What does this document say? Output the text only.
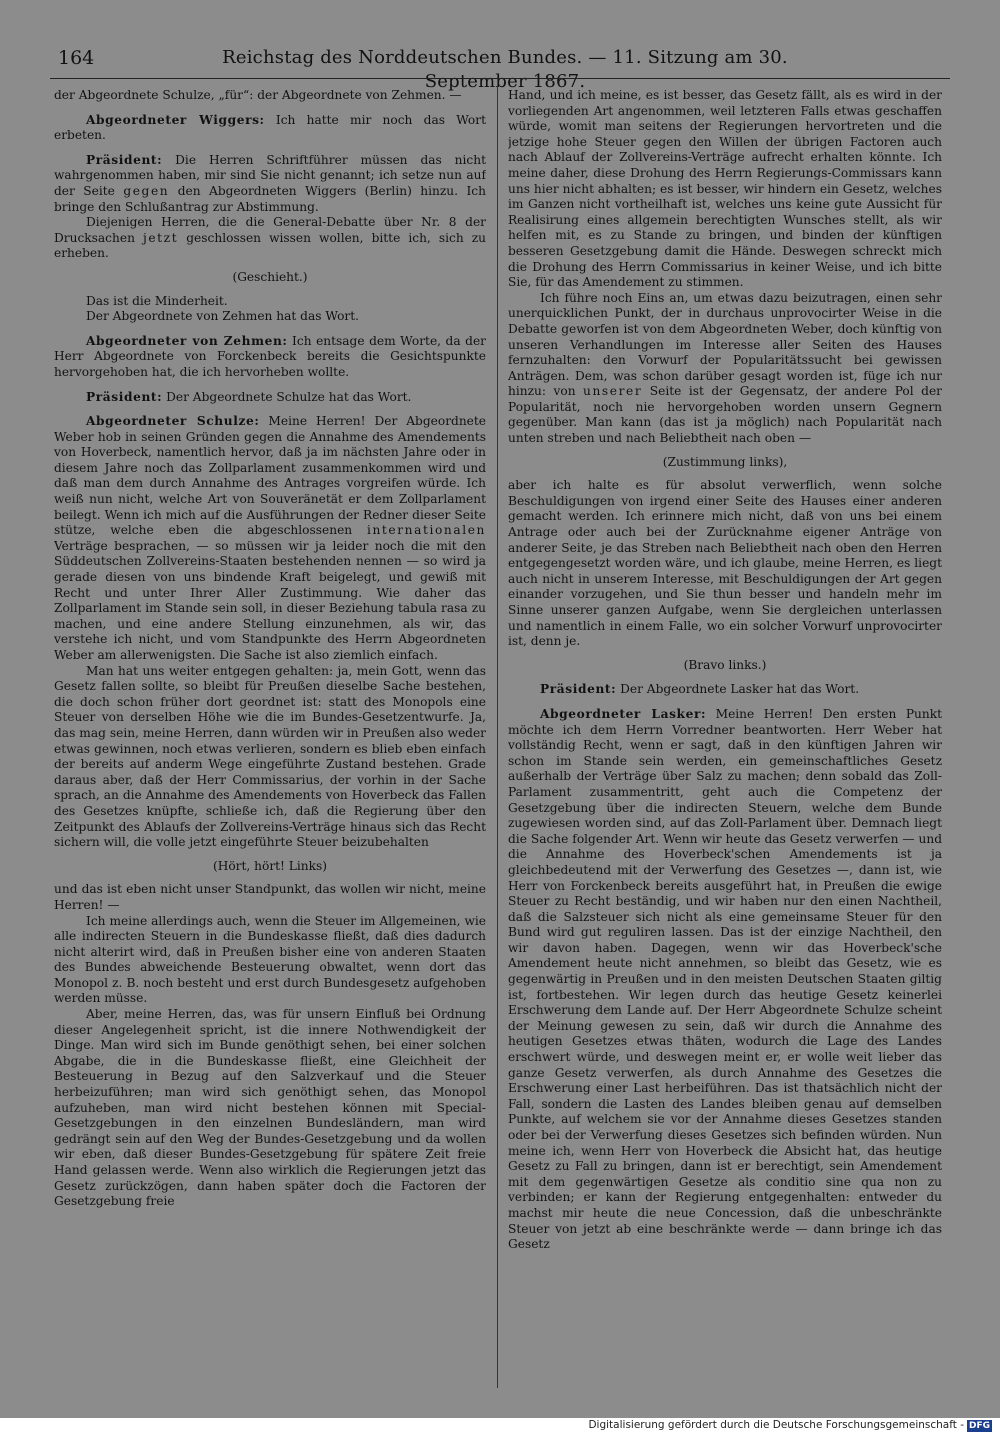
164	Reichstag des Norddeutschen Bundes. — 11. Sitzung am 30. September 1867.

der Abgeordnete Schulze, „für“: der Abgeordnete von Zehmen. —

Abgeordneter Wiggers: Ich hatte mir noch das Wort erbeten.

Präsident: Die Herren Schriftführer müssen das nicht wahrgenommen haben, mir sind Sie nicht genannt; ich setze nun auf der Seite gegen den Abgeordneten Wiggers (Berlin) hinzu. Ich bringe den Schlußantrag zur Abstimmung.

Diejenigen Herren, die die General-Debatte über Nr. 8 der Drucksachen jetzt geschlossen wissen wollen, bitte ich, sich zu erheben.

(Geschieht.)

Das ist die Minderheit.

Der Abgeordnete von Zehmen hat das Wort.

Abgeordneter von Zehmen: Ich entsage dem Worte, da der Herr Abgeordnete von Forckenbeck bereits die Gesichtspunkte hervorgehoben hat, die ich hervorheben wollte.

Präsident: Der Abgeordnete Schulze hat das Wort.

Abgeordneter Schulze: Meine Herren! Der Abgeordnete Weber hob in seinen Gründen gegen die Annahme des Amendements von Hoverbeck, namentlich hervor, daß ja im nächsten Jahre oder in diesem Jahre noch das Zollparlament zusammenkommen wird und daß man dem durch Annahme des Antrages vorgreifen würde. Ich weiß nun nicht, welche Art von Souveränetät er dem Zollparlament beilegt. Wenn ich mich auf die Ausführungen der Redner dieser Seite stütze, welche eben die abgeschlossenen internationalen Verträge besprachen, — so müssen wir ja leider noch die mit den Süddeutschen Zollvereins-Staaten bestehenden nennen — so wird ja gerade diesen von uns bindende Kraft beigelegt, und gewiß mit Recht und unter Ihrer Aller Zustimmung. Wie daher das Zollparlament im Stande sein soll, in dieser Beziehung tabula rasa zu machen, und eine andere Stellung einzunehmen, als wir, das verstehe ich nicht, und vom Standpunkte des Herrn Abgeordneten Weber am allerwenigsten. Die Sache ist also ziemlich einfach.

Man hat uns weiter entgegen gehalten: ja, mein Gott, wenn das Gesetz fallen sollte, so bleibt für Preußen dieselbe Sache bestehen, die doch schon früher dort geordnet ist: statt des Monopols eine Steuer von derselben Höhe wie die im Bundes-Gesetzentwurfe. Ja, das mag sein, meine Herren, dann würden wir in Preußen also weder etwas gewinnen, noch etwas verlieren, sondern es blieb eben einfach der bereits auf anderm Wege eingeführte Zustand bestehen. Grade daraus aber, daß der Herr Commissarius, der vorhin in der Sache sprach, an die Annahme des Amendements von Hoverbeck das Fallen des Gesetzes knüpfte, schließe ich, daß die Regierung über den Zeitpunkt des Ablaufs der Zollvereins-Verträge hinaus sich das Recht sichern will, die volle jetzt eingeführte Steuer beizubehalten

(Hört, hört! Links)

und das ist eben nicht unser Standpunkt, das wollen wir nicht, meine Herren! —

Ich meine allerdings auch, wenn die Steuer im Allgemeinen, wie alle indirecten Steuern in die Bundeskasse fließt, daß dies dadurch nicht alterirt wird, daß in Preußen bisher eine von anderen Staaten des Bundes abweichende Besteuerung obwaltet, wenn dort das Monopol z. B. noch besteht und erst durch Bundesgesetz aufgehoben werden müsse.

Aber, meine Herren, das, was für unsern Einfluß bei Ordnung dieser Angelegenheit spricht, ist die innere Nothwendigkeit der Dinge. Man wird sich im Bunde genöthigt sehen, bei einer solchen Abgabe, die in die Bundeskasse fließt, eine Gleichheit der Besteuerung in Bezug auf den Salzverkauf und die Steuer herbeizuführen; man wird sich genöthigt sehen, das Monopol aufzuheben, man wird nicht bestehen können mit Special-Gesetzgebungen in den einzelnen Bundesländern, man wird gedrängt sein auf den Weg der Bundes-Gesetzgebung und da wollen wir eben, daß dieser Bundes-Gesetzgebung für spätere Zeit freie Hand gelassen werde. Wenn also wirklich die Regierungen jetzt das Gesetz zurückzögen, dann haben später doch die Factoren der Gesetzgebung freie

Hand, und ich meine, es ist besser, das Gesetz fällt, als es wird in der vorliegenden Art angenommen, weil letzteren Falls etwas geschaffen würde, womit man seitens der Regierungen hervortreten und die jetzige hohe Steuer gegen den Willen der übrigen Factoren auch nach Ablauf der Zollvereins-Verträge aufrecht erhalten könnte. Ich meine daher, diese Drohung des Herrn Regierungs-Commissars kann uns hier nicht abhalten; es ist besser, wir hindern ein Gesetz, welches im Ganzen nicht vortheilhaft ist, welches uns keine gute Aussicht für Realisirung eines allgemein berechtigten Wunsches stellt, als wir helfen mit, es zu Stande zu bringen, und binden der künftigen besseren Gesetzgebung damit die Hände. Deswegen schreckt mich die Drohung des Herrn Commissarius in keiner Weise, und ich bitte Sie, für das Amendement zu stimmen.

Ich führe noch Eins an, um etwas dazu beizutragen, einen sehr unerquicklichen Punkt, der in durchaus unprovocirter Weise in die Debatte geworfen ist von dem Abgeordneten Weber, doch künftig von unseren Verhandlungen im Interesse aller Seiten des Hauses fernzuhalten: den Vorwurf der Popularitätssucht bei gewissen Anträgen. Dem, was schon darüber gesagt worden ist, füge ich nur hinzu: von unserer Seite ist der Gegensatz, der andere Pol der Popularität, noch nie hervorgehoben worden unsern Gegnern gegenüber. Man kann (das ist ja möglich) nach Popularität nach unten streben und nach Beliebtheit nach oben —

(Zustimmung links),

aber ich halte es für absolut verwerflich, wenn solche Beschuldigungen von irgend einer Seite des Hauses einer anderen gemacht werden. Ich erinnere mich nicht, daß von uns bei einem Antrage oder auch bei der Zurücknahme eigener Anträge von anderer Seite, je das Streben nach Beliebtheit nach oben den Herren entgegengesetzt worden wäre, und ich glaube, meine Herren, es liegt auch nicht in unserem Interesse, mit Beschuldigungen der Art gegen einander vorzugehen, und Sie thun besser und handeln mehr im Sinne unserer ganzen Aufgabe, wenn Sie dergleichen unterlassen und namentlich in einem Falle, wo ein solcher Vorwurf unprovocirter ist, denn je.

(Bravo links.)

Präsident: Der Abgeordnete Lasker hat das Wort.

Abgeordneter Lasker: Meine Herren! Den ersten Punkt möchte ich dem Herrn Vorredner beantworten. Herr Weber hat vollständig Recht, wenn er sagt, daß in den künftigen Jahren wir schon im Stande sein werden, ein gemeinschaftliches Gesetz außerhalb der Verträge über Salz zu machen; denn sobald das Zoll-Parlament zusammentritt, geht auch die Competenz der Gesetzgebung über die indirecten Steuern, welche dem Bunde zugewiesen worden sind, auf das Zoll-Parlament über. Demnach liegt die Sache folgender Art. Wenn wir heute das Gesetz verwerfen — und die Annahme des Hoverbeck'schen Amendements ist ja gleichbedeutend mit der Verwerfung des Gesetzes —, dann ist, wie Herr von Forckenbeck bereits ausgeführt hat, in Preußen die ewige Steuer zu Recht beständig, und wir haben nur den einen Nachtheil, daß die Salzsteuer sich nicht als eine gemeinsame Steuer für den Bund wird gut reguliren lassen. Das ist der einzige Nachtheil, den wir davon haben. Dagegen, wenn wir das Hoverbeck'sche Amendement heute nicht annehmen, so bleibt das Gesetz, wie es gegenwärtig in Preußen und in den meisten Deutschen Staaten giltig ist, fortbestehen. Wir legen durch das heutige Gesetz keinerlei Erschwerung dem Lande auf. Der Herr Abgeordnete Schulze scheint der Meinung gewesen zu sein, daß wir durch die Annahme des heutigen Gesetzes etwas thäten, wodurch die Lage des Landes erschwert würde, und deswegen meint er, er wolle weit lieber das ganze Gesetz verwerfen, als durch Annahme des Gesetzes die Erschwerung einer Last herbeiführen. Das ist thatsächlich nicht der Fall, sondern die Lasten des Landes bleiben genau auf demselben Punkte, auf welchem sie vor der Annahme dieses Gesetzes standen oder bei der Verwerfung dieses Gesetzes sich befinden würden. Nun meine ich, wenn Herr von Hoverbeck die Absicht hat, das heutige Gesetz zu Fall zu bringen, dann ist er berechtigt, sein Amendement mit dem gegenwärtigen Gesetze als conditio sine qua non zu verbinden; er kann der Regierung entgegenhalten: entweder du machst mir heute die neue Concession, daß die unbeschränkte Steuer von jetzt ab eine beschränkte werde — dann bringe ich das Gesetz

Digitalisierung gefördert durch die Deutsche Forschungsgemeinschaft - DFG
